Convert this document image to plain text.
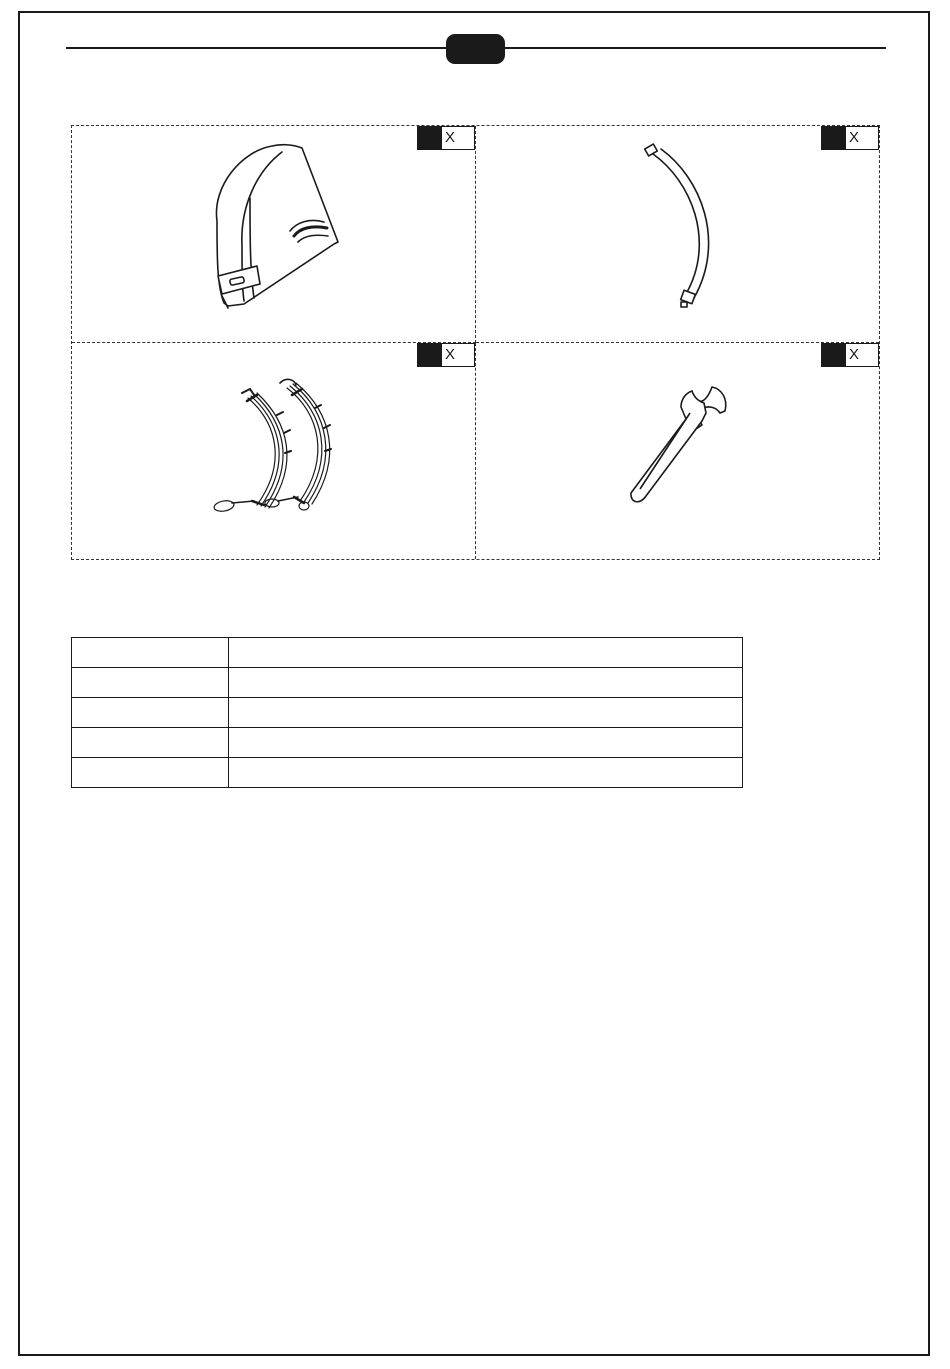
X	X
X	X
